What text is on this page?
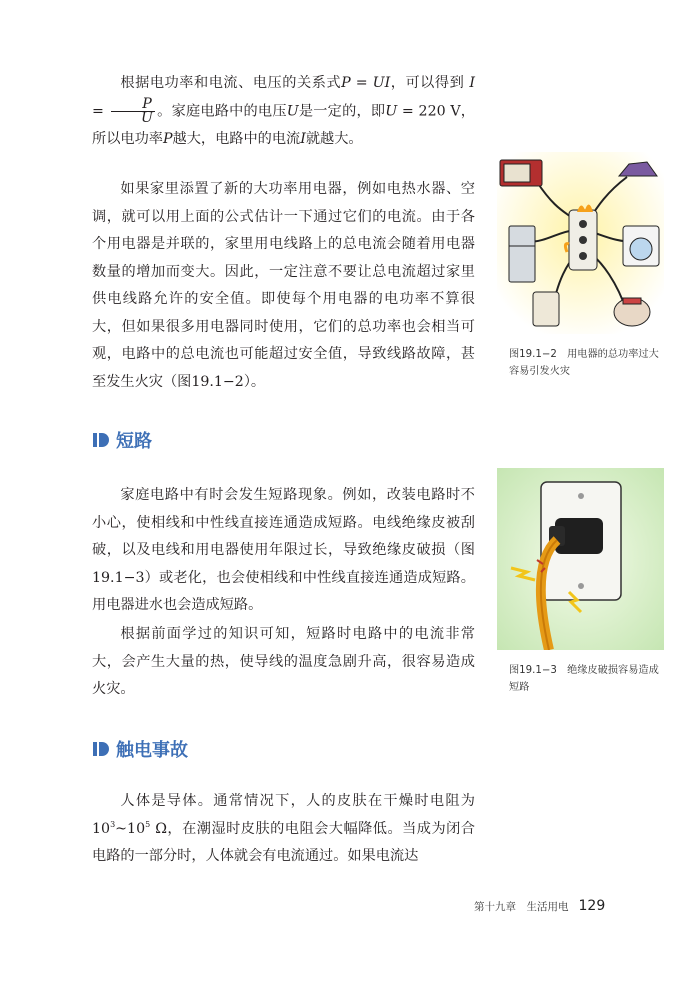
根据电功率和电流、电压的关系式P = UI，可以得到 $I = \frac{P}{U}$ 。家庭电路中的电压U是一定的，即U = 220 V，所以电功率P越大，电路中的电流I就越大。

如果家里添置了新的大功率用电器，例如电热水器、空调，就可以用上面的公式估计一下通过它们的电流。由于各个用电器是并联的，家里用电线路上的总电流会随着用电器数量的增加而变大。因此，一定注意不要让总电流超过家里供电线路允许的安全值。即使每个用电器的电功率不算很大，但如果很多用电器同时使用，它们的总功率也会相当可观，电路中的总电流也可能超过安全值，导致线路故障，甚至发生火灾（图19.1−2）。

短路

家庭电路中有时会发生短路现象。例如，改装电路时不小心，使相线和中性线直接连通造成短路。电线绝缘皮被刮破，以及电线和用电器使用年限过长，导致绝缘皮破损（图19.1−3）或老化，也会使相线和中性线直接连通造成短路。用电器进水也会造成短路。

根据前面学过的知识可知，短路时电路中的电流非常大，会产生大量的热，使导线的温度急剧升高，很容易造成火灾。

触电事故

人体是导体。通常情况下，人的皮肤在干燥时电阻为 $10^3\sim 10^5$ Ω，在潮湿时皮肤的电阻会大幅降低。当成为闭合电路的一部分时，人体就会有电流通过。如果电流达

图19.1−2　用电器的总功率过大容易引发火灾
图19.1−3　绝缘皮破损容易造成短路
第十九章　生活用电 129
